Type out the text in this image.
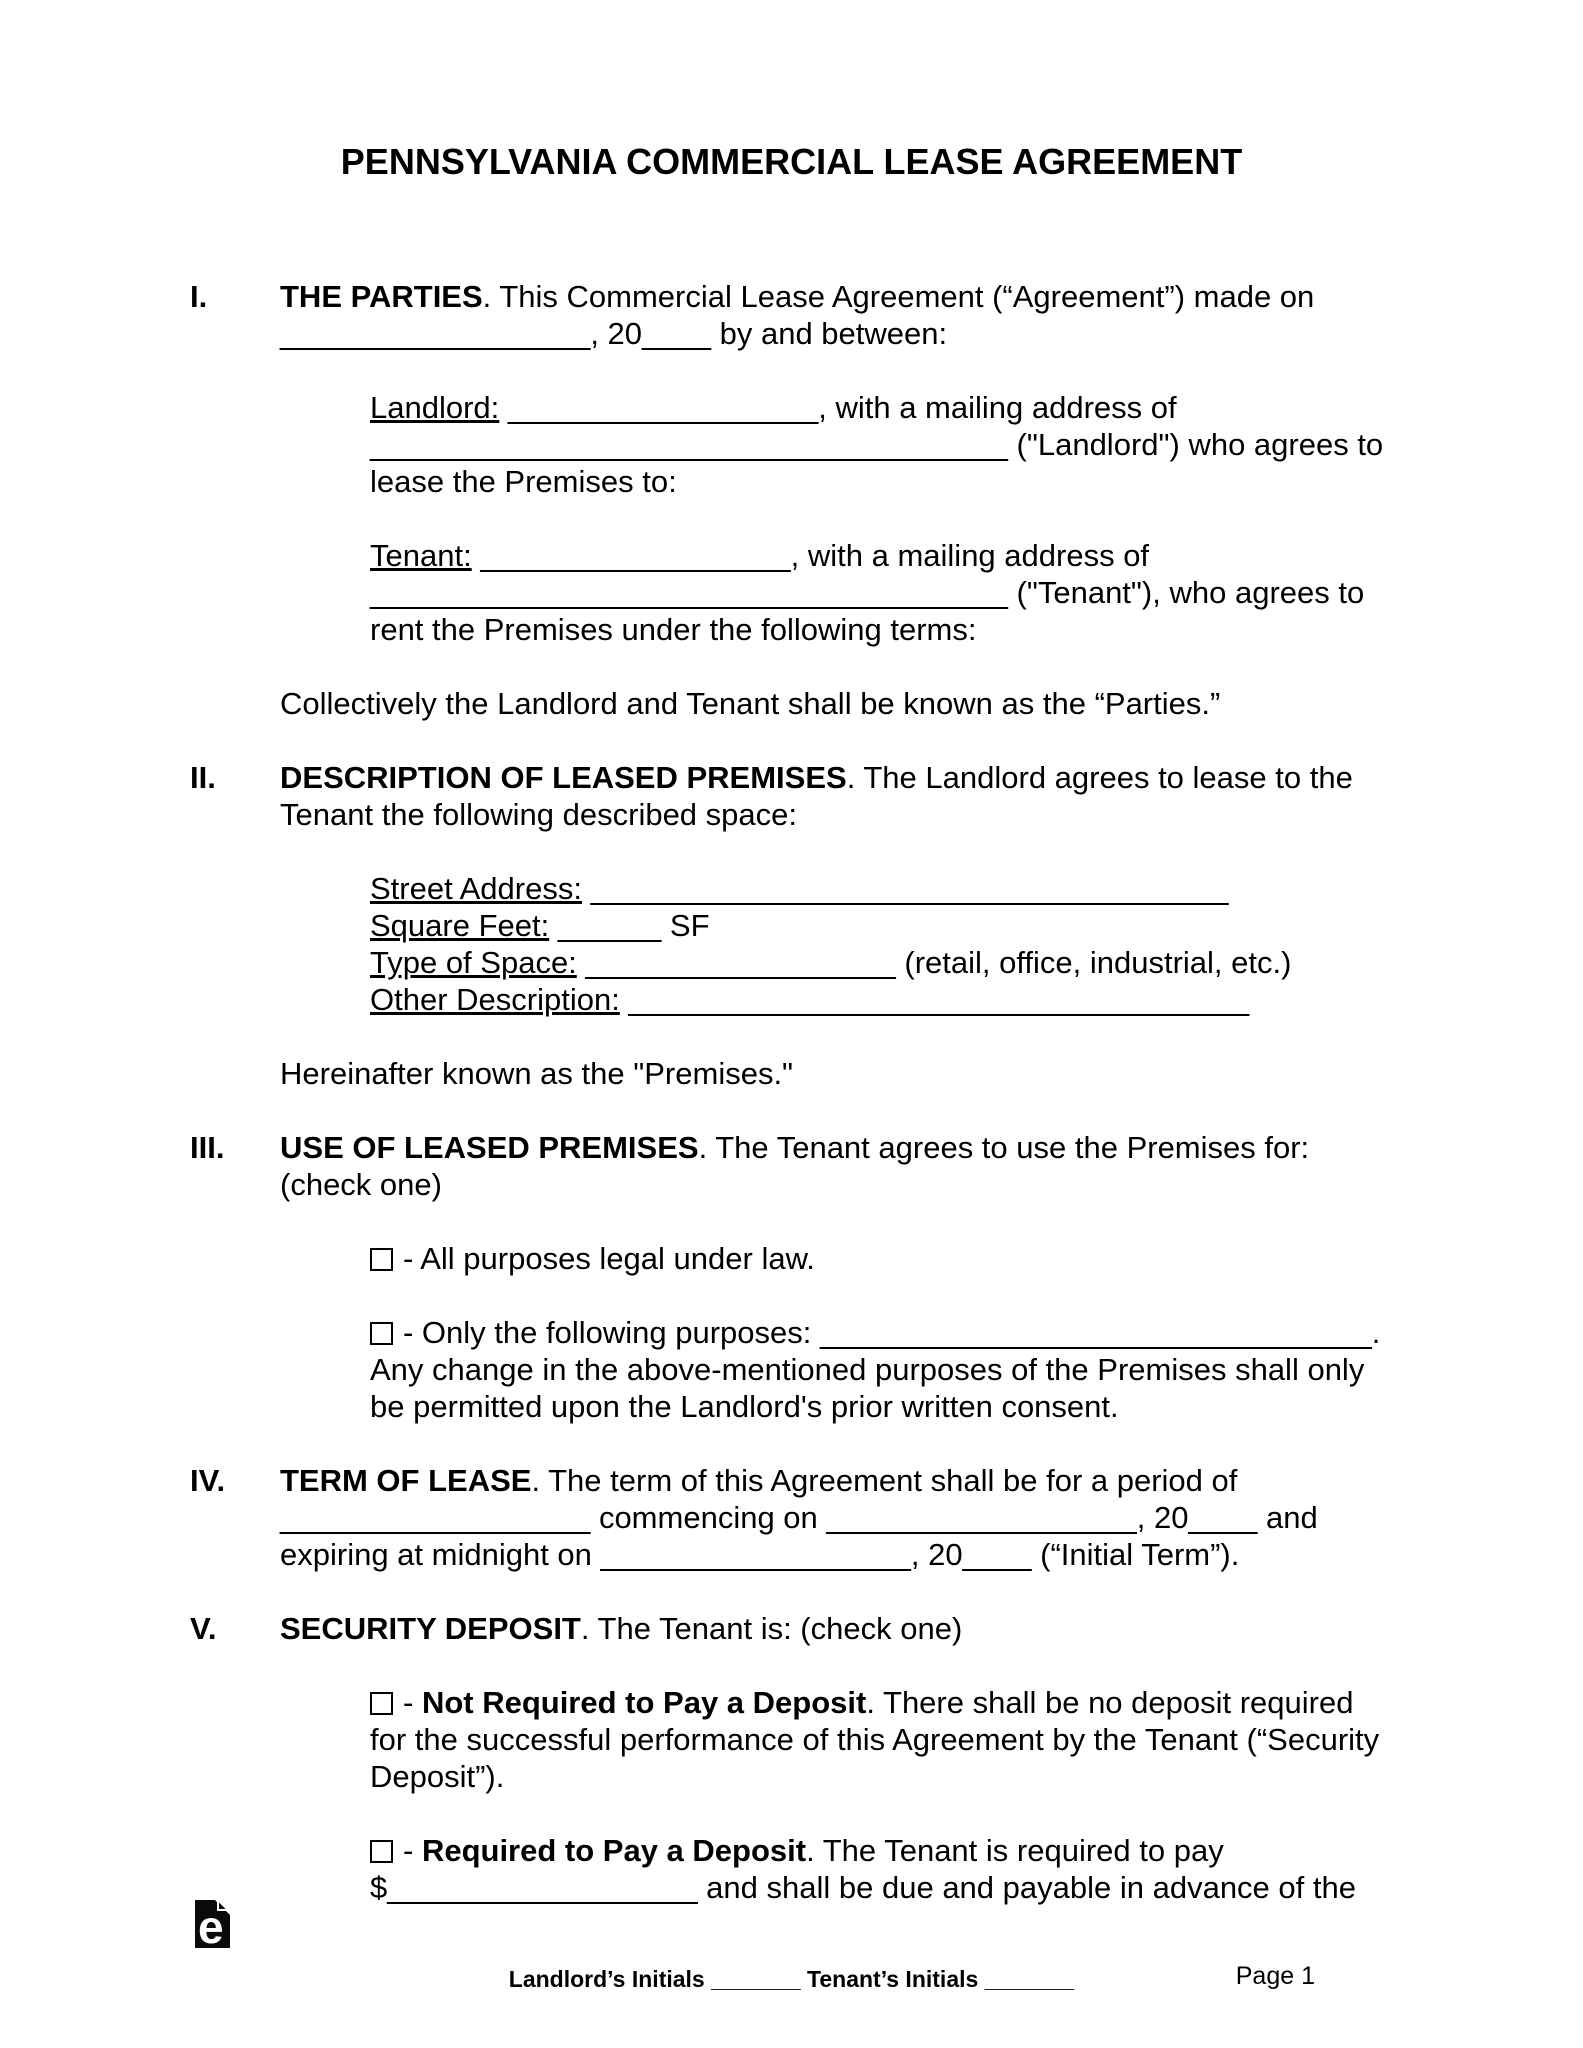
PENNSYLVANIA COMMERCIAL LEASE AGREEMENT
I.	THE PARTIES. This Commercial Lease Agreement (“Agreement”) made on
__________________, 20____ by and between:
Landlord: __________________, with a mailing address of
_____________________________________ ("Landlord") who agrees to
lease the Premises to:
Tenant: __________________, with a mailing address of
_____________________________________ ("Tenant"), who agrees to
rent the Premises under the following terms:
Collectively the Landlord and Tenant shall be known as the “Parties.”
II.	DESCRIPTION OF LEASED PREMISES. The Landlord agrees to lease to the
Tenant the following described space:
Street Address: _____________________________________
Square Feet: ______ SF
Type of Space: __________________ (retail, office, industrial, etc.)
Other Description: ____________________________________
Hereinafter known as the "Premises."
III.	USE OF LEASED PREMISES. The Tenant agrees to use the Premises for:
(check one)
- All purposes legal under law.
- Only the following purposes: ________________________________.
Any change in the above-mentioned purposes of the Premises shall only
be permitted upon the Landlord's prior written consent.
IV.	TERM OF LEASE. The term of this Agreement shall be for a period of
__________________ commencing on __________________, 20____ and
expiring at midnight on __________________, 20____ (“Initial Term”).
V.	SECURITY DEPOSIT. The Tenant is: (check one)
- Not Required to Pay a Deposit. There shall be no deposit required
for the successful performance of this Agreement by the Tenant (“Security
Deposit”).
- Required to Pay a Deposit. The Tenant is required to pay
$__________________ and shall be due and payable in advance of the
e
Landlord’s Initials _______ Tenant’s Initials _______	Page 1
